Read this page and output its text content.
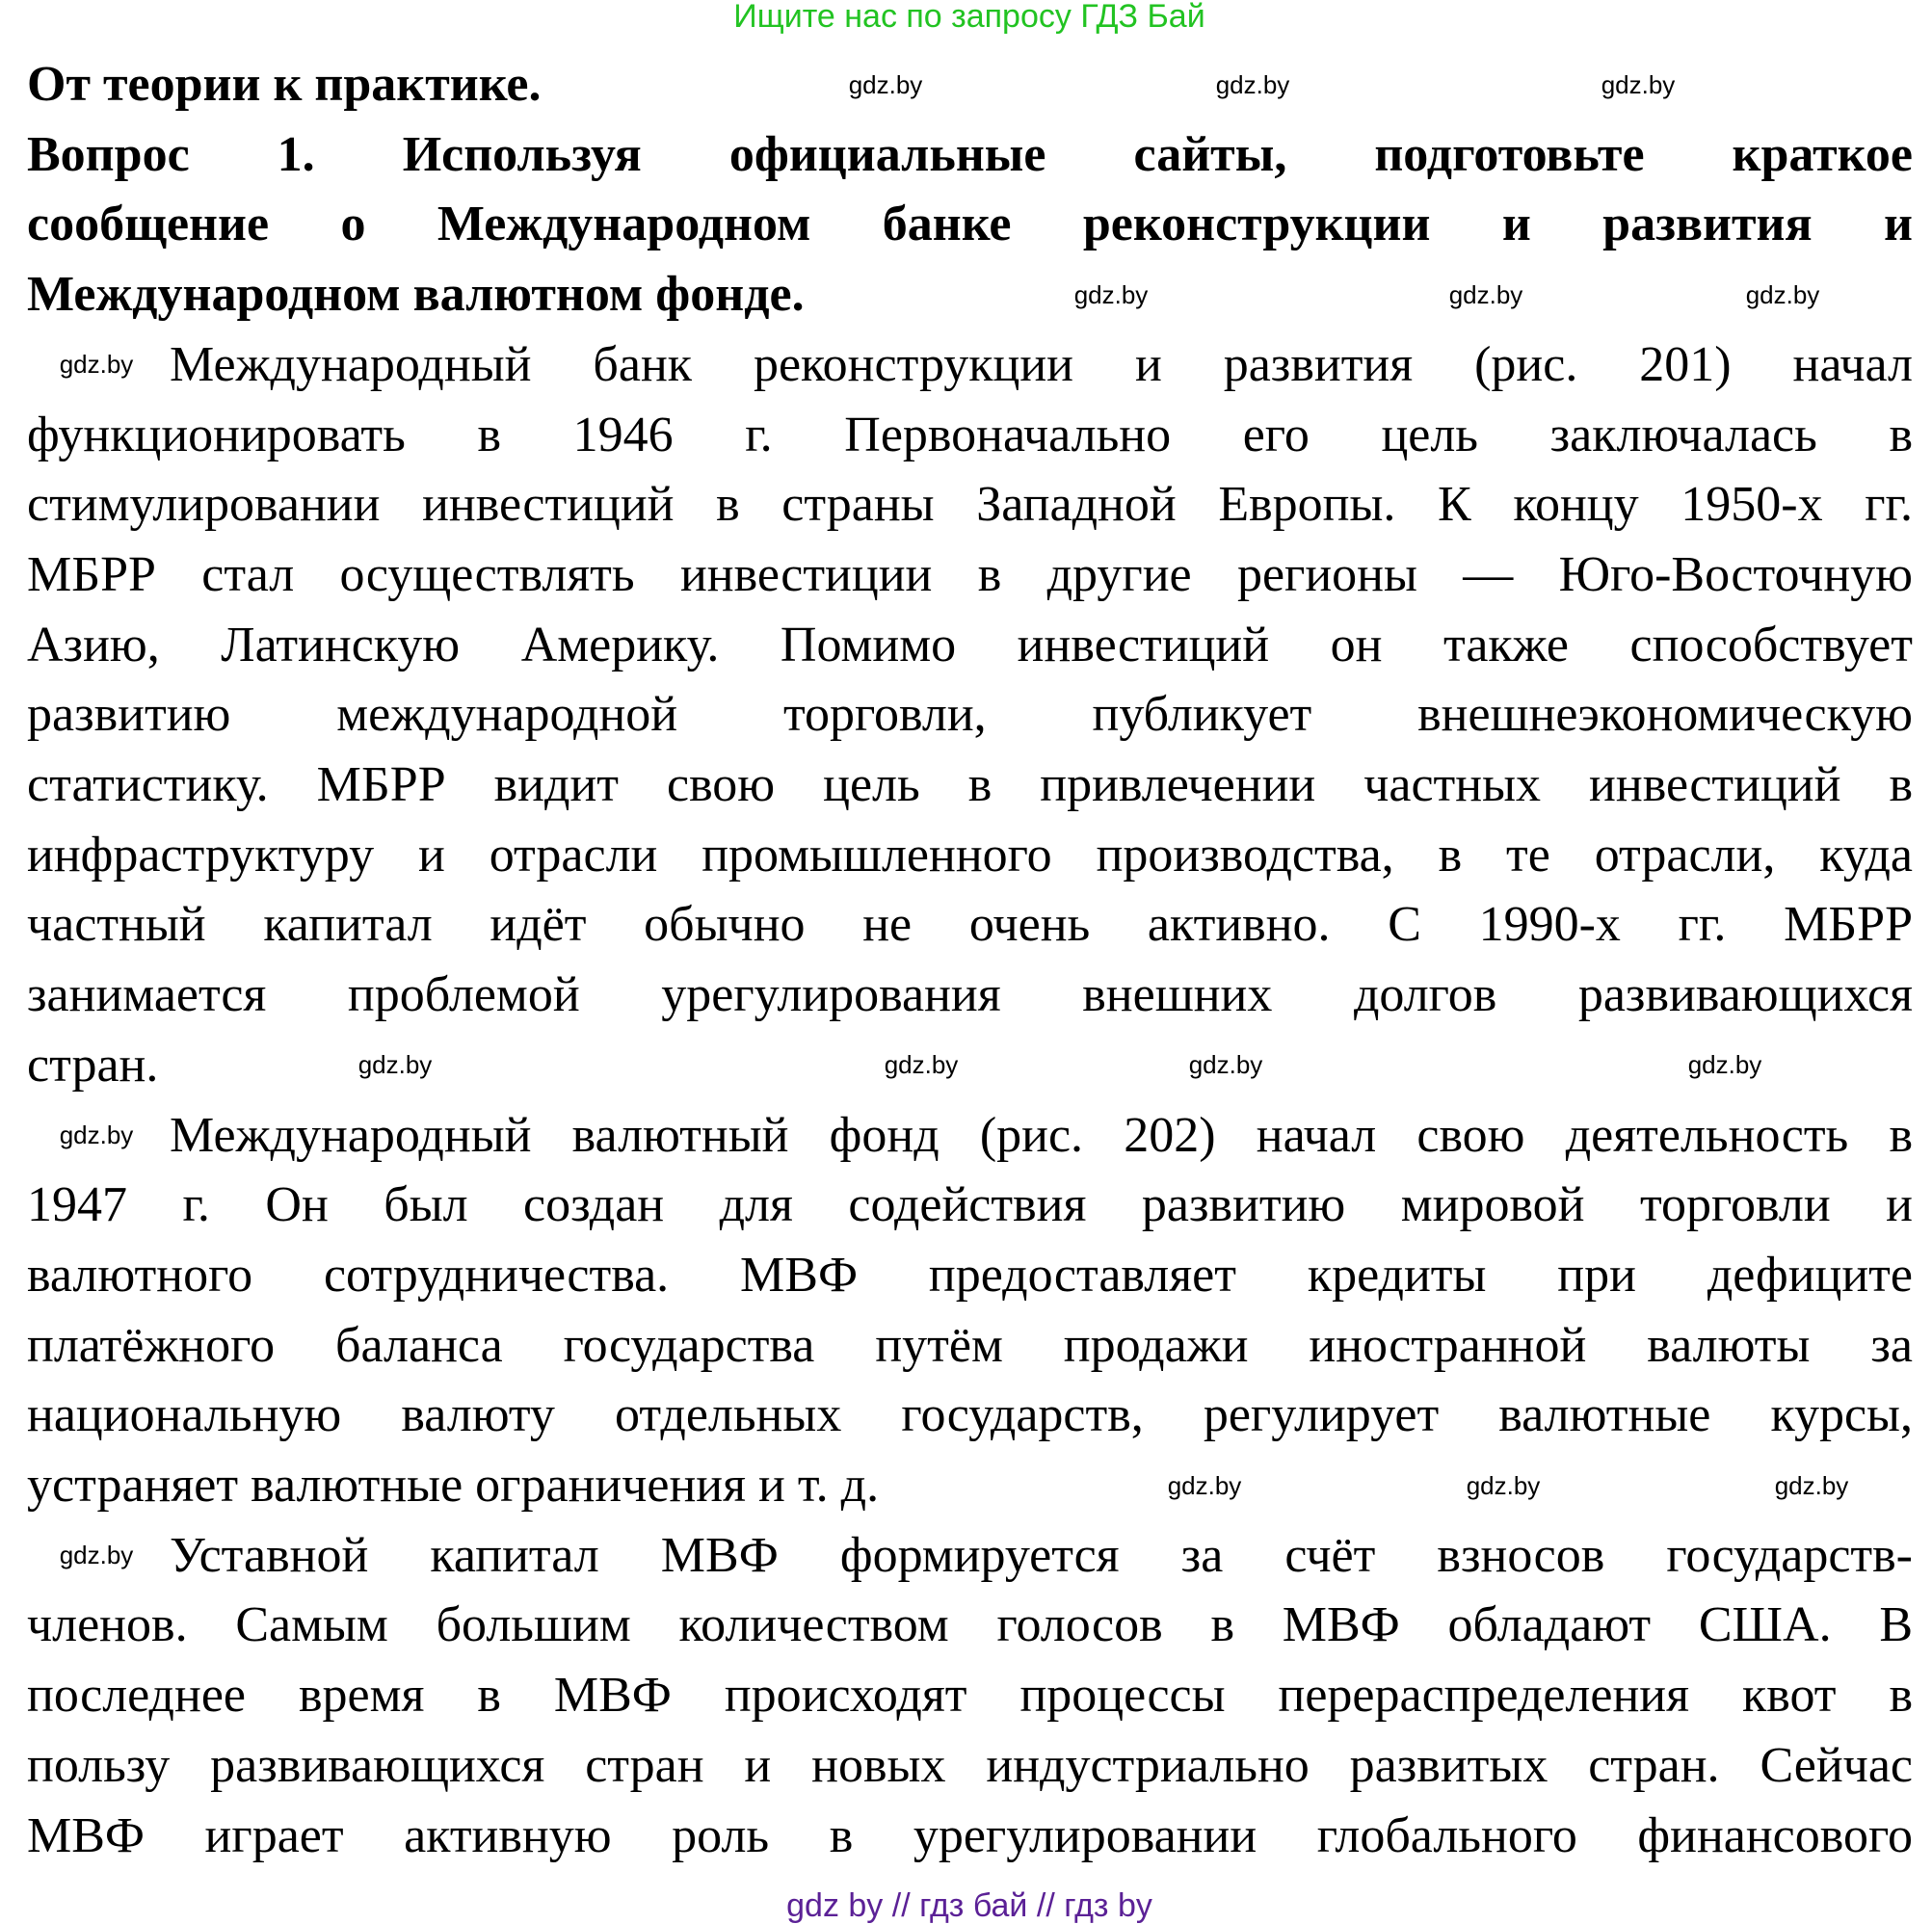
Ищите нас по запросу ГДЗ Бай
От теории к практике.
Вопрос 1. Используя официальные сайты, подготовьте краткое
сообщение о Международном банке реконструкции и развития и
Международном валютном фонде.
Международный банк реконструкции и развития (рис. 201) начал
функционировать в 1946 г. Первоначально его цель заключалась в
стимулировании инвестиций в страны Западной Европы. К концу 1950-х гг.
МБРР стал осуществлять инвестиции в другие регионы — Юго-Восточную
Азию, Латинскую Америку. Помимо инвестиций он также способствует
развитию международной торговли, публикует внешнеэкономическую
статистику. МБРР видит свою цель в привлечении частных инвестиций в
инфраструктуру и отрасли промышленного производства, в те отрасли, куда
частный капитал идёт обычно не очень активно. С 1990-х гг. МБРР
занимается проблемой урегулирования внешних долгов развивающихся
стран.
Международный валютный фонд (рис. 202) начал свою деятельность в
1947 г. Он был создан для содействия развитию мировой торговли и
валютного сотрудничества. МВФ предоставляет кредиты при дефиците
платёжного баланса государства путём продажи иностранной валюты за
национальную валюту отдельных государств, регулирует валютные курсы,
устраняет валютные ограничения и т. д.
Уставной капитал МВФ формируется за счёт взносов государств-
членов. Самым большим количеством голосов в МВФ обладают США. В
последнее время в МВФ происходят процессы перераспределения квот в
пользу развивающихся стран и новых индустриально развитых стран. Сейчас
МВФ играет активную роль в урегулировании глобального финансового
gdz.by	gdz.by	gdz.by
gdz.by	gdz.by	gdz.by
gdz.by
gdz.by	gdz.by	gdz.by	gdz.by
gdz.by
gdz.by	gdz.by	gdz.by
gdz.by
gdz by // гдз бай // гдз by
